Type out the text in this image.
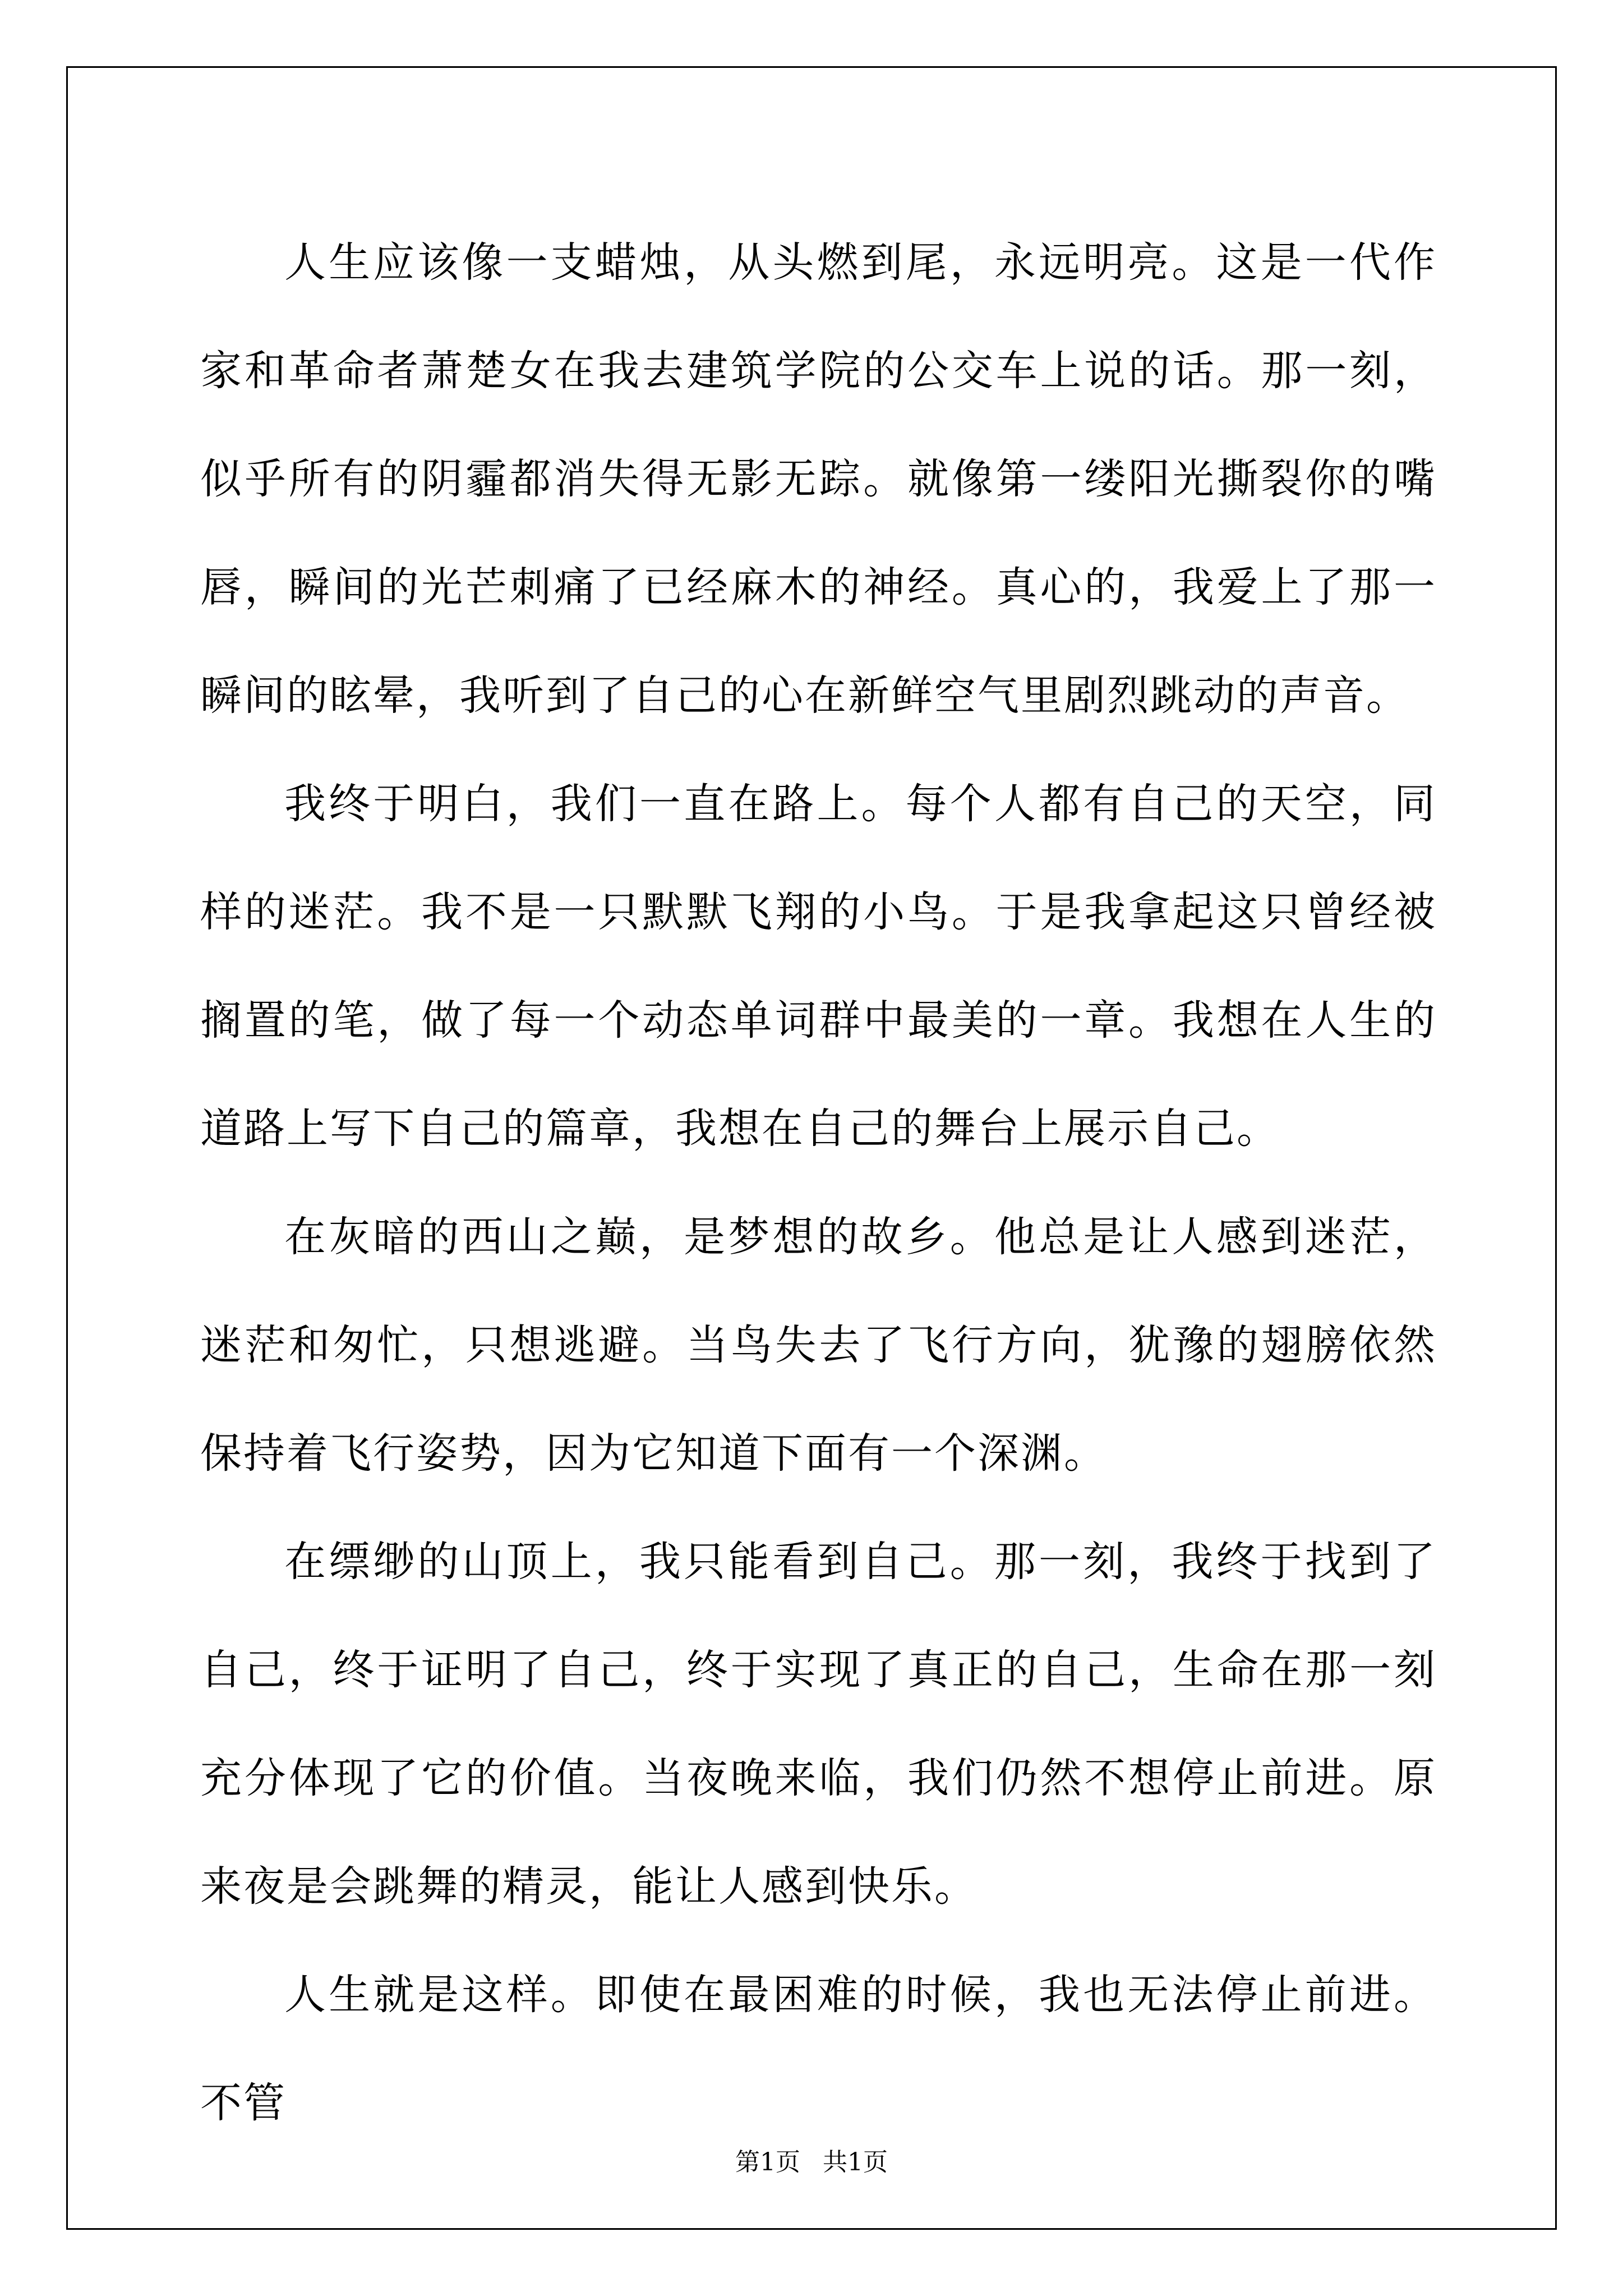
人生应该像一支蜡烛，从头燃到尾，永远明亮。这是一代作家和革命者萧楚女在我去建筑学院的公交车上说的话。那一刻，似乎所有的阴霾都消失得无影无踪。就像第一缕阳光撕裂你的嘴唇，瞬间的光芒刺痛了已经麻木的神经。真心的，我爱上了那一瞬间的眩晕，我听到了自己的心在新鲜空气里剧烈跳动的声音。

我终于明白，我们一直在路上。每个人都有自己的天空，同样的迷茫。我不是一只默默飞翔的小鸟。于是我拿起这只曾经被搁置的笔，做了每一个动态单词群中最美的一章。我想在人生的道路上写下自己的篇章，我想在自己的舞台上展示自己。

在灰暗的西山之巅，是梦想的故乡。他总是让人感到迷茫，迷茫和匆忙，只想逃避。当鸟失去了飞行方向，犹豫的翅膀依然保持着飞行姿势，因为它知道下面有一个深渊。

在缥缈的山顶上，我只能看到自己。那一刻，我终于找到了自己，终于证明了自己，终于实现了真正的自己，生命在那一刻充分体现了它的价值。当夜晚来临，我们仍然不想停止前进。原来夜是会跳舞的精灵，能让人感到快乐。

人生就是这样。即使在最困难的时候，我也无法停止前进。不管

第1页 共1页
